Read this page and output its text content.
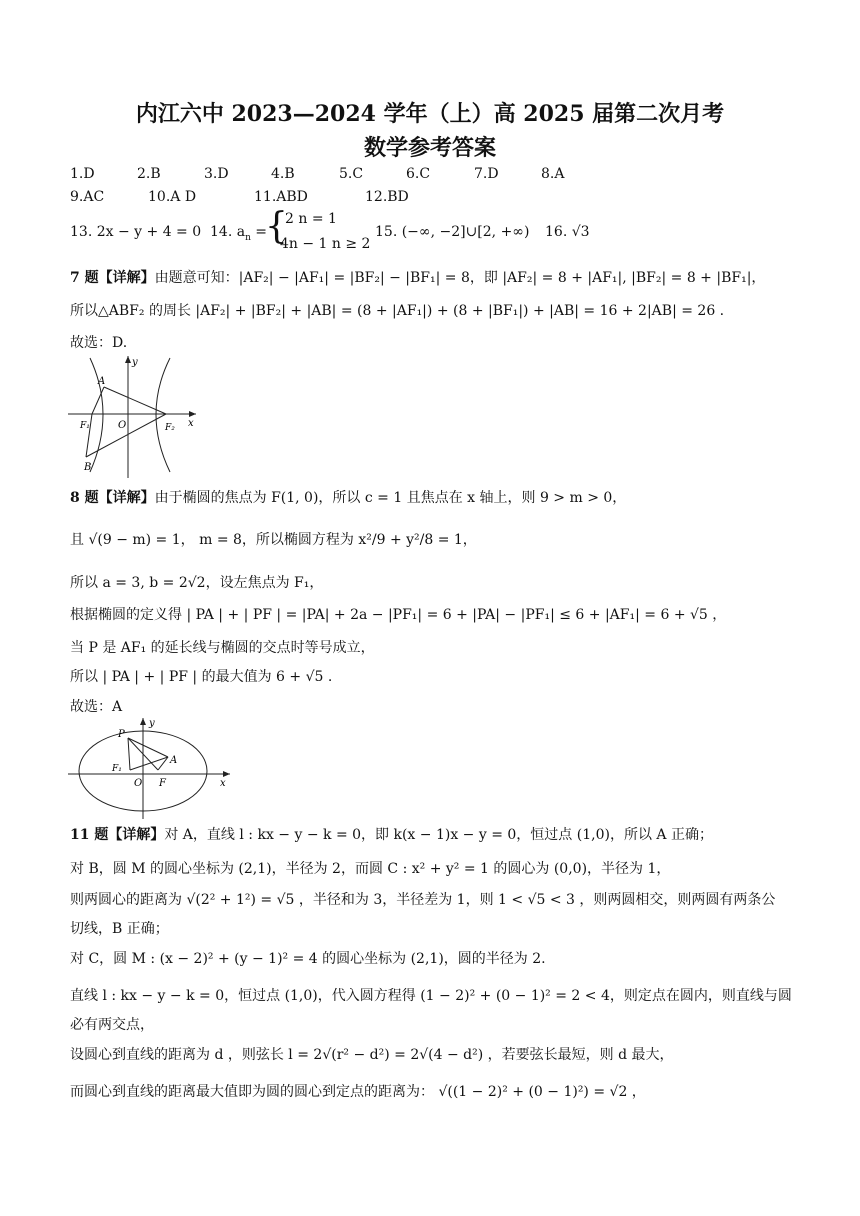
内江六中 2023—2024 学年（上）高 2025 届第二次月考
数学参考答案
1.D	2.B	3.D	4.B	5.C	6.C	7.D	8.A
9.AC	10.A D	11.ABD	12.BD
13. 2x − y + 4 = 0 14. $a_n$ =
{
2 n = 1
4n − 1 n ≥ 2
15. (−∞, −2]∪[2, +∞) 16. √3
7 题【详解】由题意可知：|AF₂| − |AF₁| = |BF₂| − |BF₁| = 8，即 |AF₂| = 8 + |AF₁|, |BF₂| = 8 + |BF₁|，
所以△ABF₂ 的周长 |AF₂| + |BF₂| + |AB| = (8 + |AF₁|) + (8 + |BF₁|) + |AB| = 16 + 2|AB| = 26 .
故选：D.
y
x
A
B
O
F₁	F₂
8 题【详解】由于椭圆的焦点为 F(1, 0)，所以 c = 1 且焦点在 x 轴上，则 9 > m > 0，
且 √(9 − m) = 1， m = 8，所以椭圆方程为 x²/9 + y²/8 = 1，
所以 a = 3, b = 2√2，设左焦点为 F₁，
根据椭圆的定义得 | PA | + | PF | = |PA| + 2a − |PF₁| = 6 + |PA| − |PF₁| ≤ 6 + |AF₁| = 6 + √5 ，
当 P 是 AF₁ 的延长线与椭圆的交点时等号成立，
所以 | PA | + | PF | 的最大值为 6 + √5 .
故选：A
y
x
P
A
O F
F₁
11 题【详解】对 A，直线 l : kx − y − k = 0，即 k(x − 1)x − y = 0，恒过点 (1,0)，所以 A 正确；
对 B，圆 M 的圆心坐标为 (2,1)，半径为 2，而圆 C : x² + y² = 1 的圆心为 (0,0)，半径为 1，
则两圆心的距离为 √(2² + 1²) = √5 ，半径和为 3，半径差为 1，则 1 < √5 < 3 ，则两圆相交，则两圆有两条公
切线，B 正确；
对 C，圆 M : (x − 2)² + (y − 1)² = 4 的圆心坐标为 (2,1)，圆的半径为 2.
直线 l : kx − y − k = 0，恒过点 (1,0)，代入圆方程得 (1 − 2)² + (0 − 1)² = 2 < 4，则定点在圆内，则直线与圆
必有两交点，
设圆心到直线的距离为 d ，则弦长 l = 2√(r² − d²) = 2√(4 − d²) ，若要弦长最短，则 d 最大，
而圆心到直线的距离最大值即为圆的圆心到定点的距离为： √((1 − 2)² + (0 − 1)²) = √2 ，
